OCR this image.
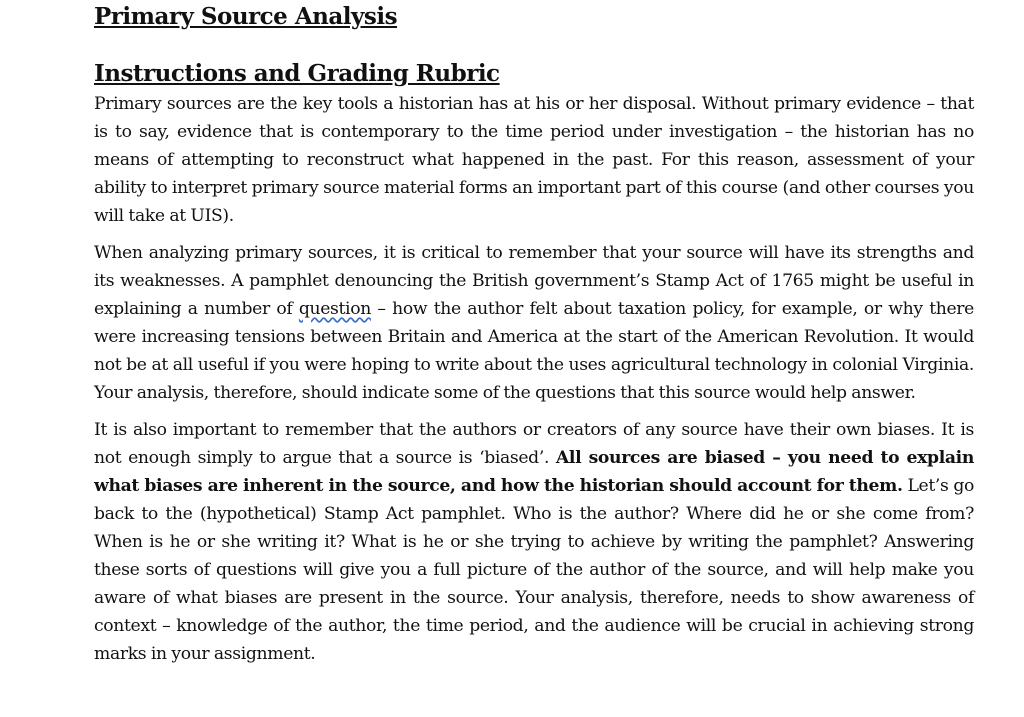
Primary Source Analysis
Instructions and Grading Rubric

Primary sources are the key tools a historian has at his or her disposal. Without primary evidence – that is to say, evidence that is contemporary to the time period under investigation – the historian has no means of attempting to reconstruct what happened in the past. For this reason, assessment of your ability to interpret primary source material forms an important part of this course (and other courses you will take at UIS).

When analyzing primary sources, it is critical to remember that your source will have its strengths and its weaknesses. A pamphlet denouncing the British government’s Stamp Act of 1765 might be useful in explaining a number of question – how the author felt about taxation policy, for example, or why there were increasing tensions between Britain and America at the start of the American Revolution. It would not be at all useful if you were hoping to write about the uses agricultural technology in colonial Virginia. Your analysis, therefore, should indicate some of the questions that this source would help answer.

It is also important to remember that the authors or creators of any source have their own biases. It is not enough simply to argue that a source is ‘biased’. All sources are biased – you need to explain what biases are inherent in the source, and how the historian should account for them. Let’s go back to the (hypothetical) Stamp Act pamphlet. Who is the author? Where did he or she come from? When is he or she writing it? What is he or she trying to achieve by writing the pamphlet? Answering these sorts of questions will give you a full picture of the author of the source, and will help make you aware of what biases are present in the source. Your analysis, therefore, needs to show awareness of context – knowledge of the author, the time period, and the audience will be crucial in achieving strong marks in your assignment.
